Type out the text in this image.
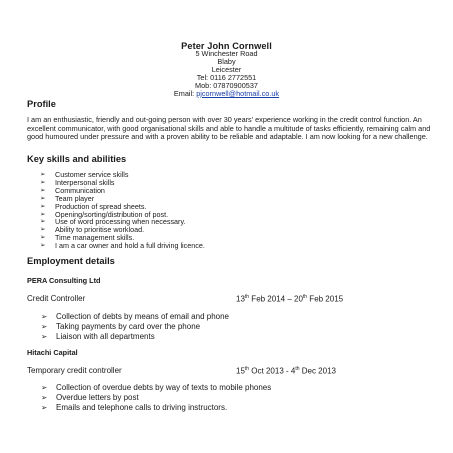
Peter John Cornwell
5 Winchester Road
Blaby
Leicester
Tel: 0116 2772551
Mob: 07870900537
Email: pjcornwell@hotmail.co.uk
Profile
I am an enthusiastic, friendly and out-going person with over 30 years' experience working in the credit control function. An excellent communicator, with good organisational skills and able to handle a multitude of tasks efficiently, remaining calm and good humoured under pressure and with a proven ability to be reliable and adaptable. I am now looking for a new challenge.
Key skills and abilities
➢ Customer service skills
➢ Interpersonal skills
➢ Communication
➢ Team player
➢ Production of spread sheets.
➢ Opening/sorting/distribution of post.
➢ Use of word processing when necessary.
➢ Ability to prioritise workload.
➢ Time management skills.
➢ I am a car owner and hold a full driving licence.
Employment details
PERA Consulting Ltd
Credit Controller	13th Feb 2014 – 20th Feb 2015
➢ Collection of debts by means of email and phone
➢ Taking payments by card over the phone
➢ Liaison with all departments
Hitachi Capital
Temporary credit controller	15th Oct 2013 - 4th Dec 2013
➢ Collection of overdue debts by way of texts to mobile phones
➢ Overdue letters by post
➢ Emails and telephone calls to driving instructors.
